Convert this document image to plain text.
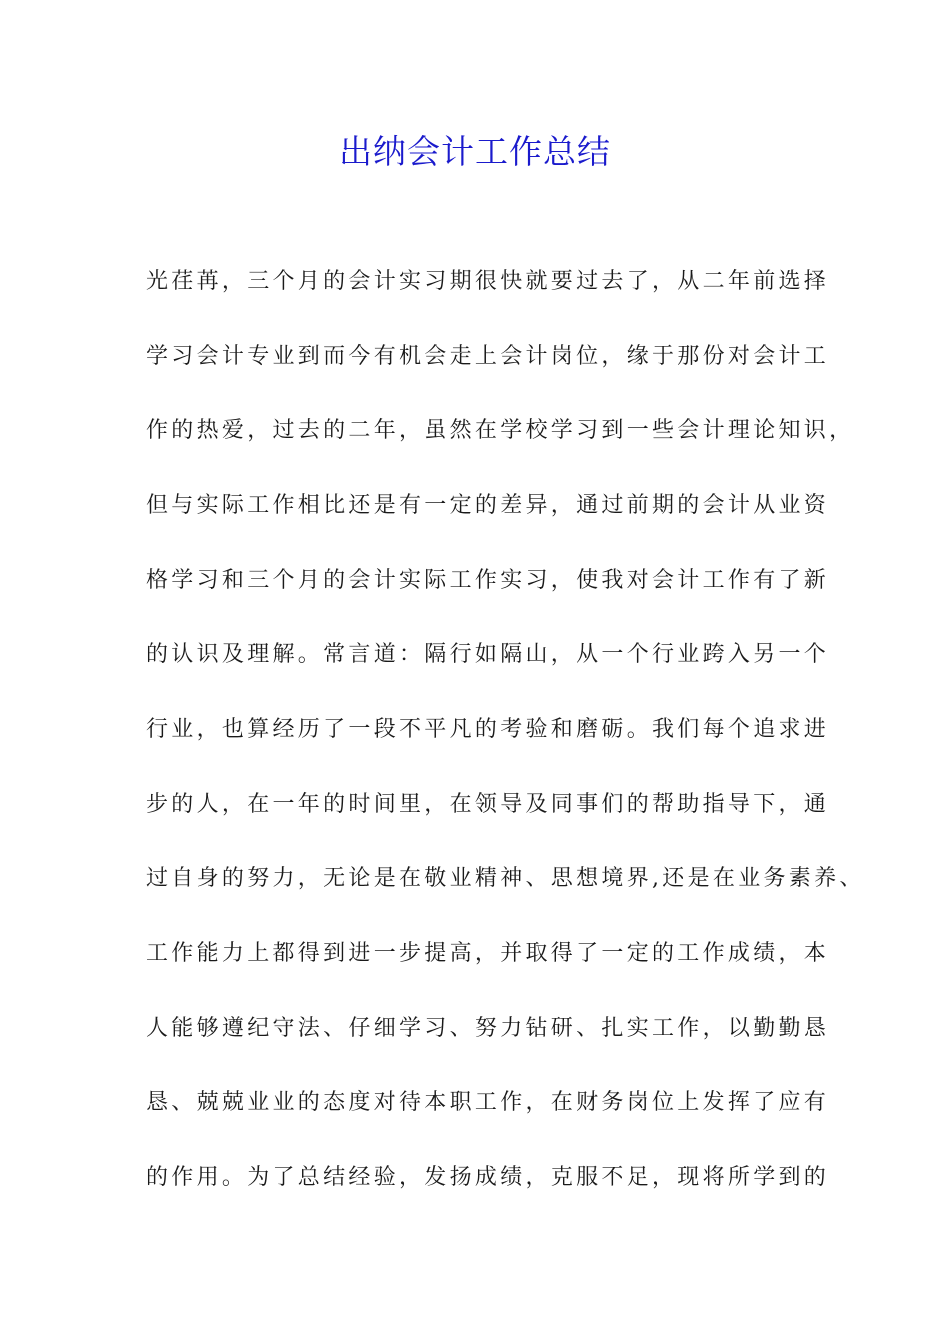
出纳会计工作总结
光荏苒，三个月的会计实习期很快就要过去了，从二年前选择
学习会计专业到而今有机会走上会计岗位，缘于那份对会计工
作的热爱，过去的二年，虽然在学校学习到一些会计理论知识，
但与实际工作相比还是有一定的差异，通过前期的会计从业资
格学习和三个月的会计实际工作实习，使我对会计工作有了新
的认识及理解。常言道：隔行如隔山，从一个行业跨入另一个
行业，也算经历了一段不平凡的考验和磨砺。我们每个追求进
步的人，在一年的时间里，在领导及同事们的帮助指导下，通
过自身的努力，无论是在敬业精神、思想境界,还是在业务素养、
工作能力上都得到进一步提高，并取得了一定的工作成绩，本
人能够遵纪守法、仔细学习、努力钻研、扎实工作，以勤勤恳
恳、兢兢业业的态度对待本职工作，在财务岗位上发挥了应有
的作用。为了总结经验，发扬成绩，克服不足，现将所学到的
